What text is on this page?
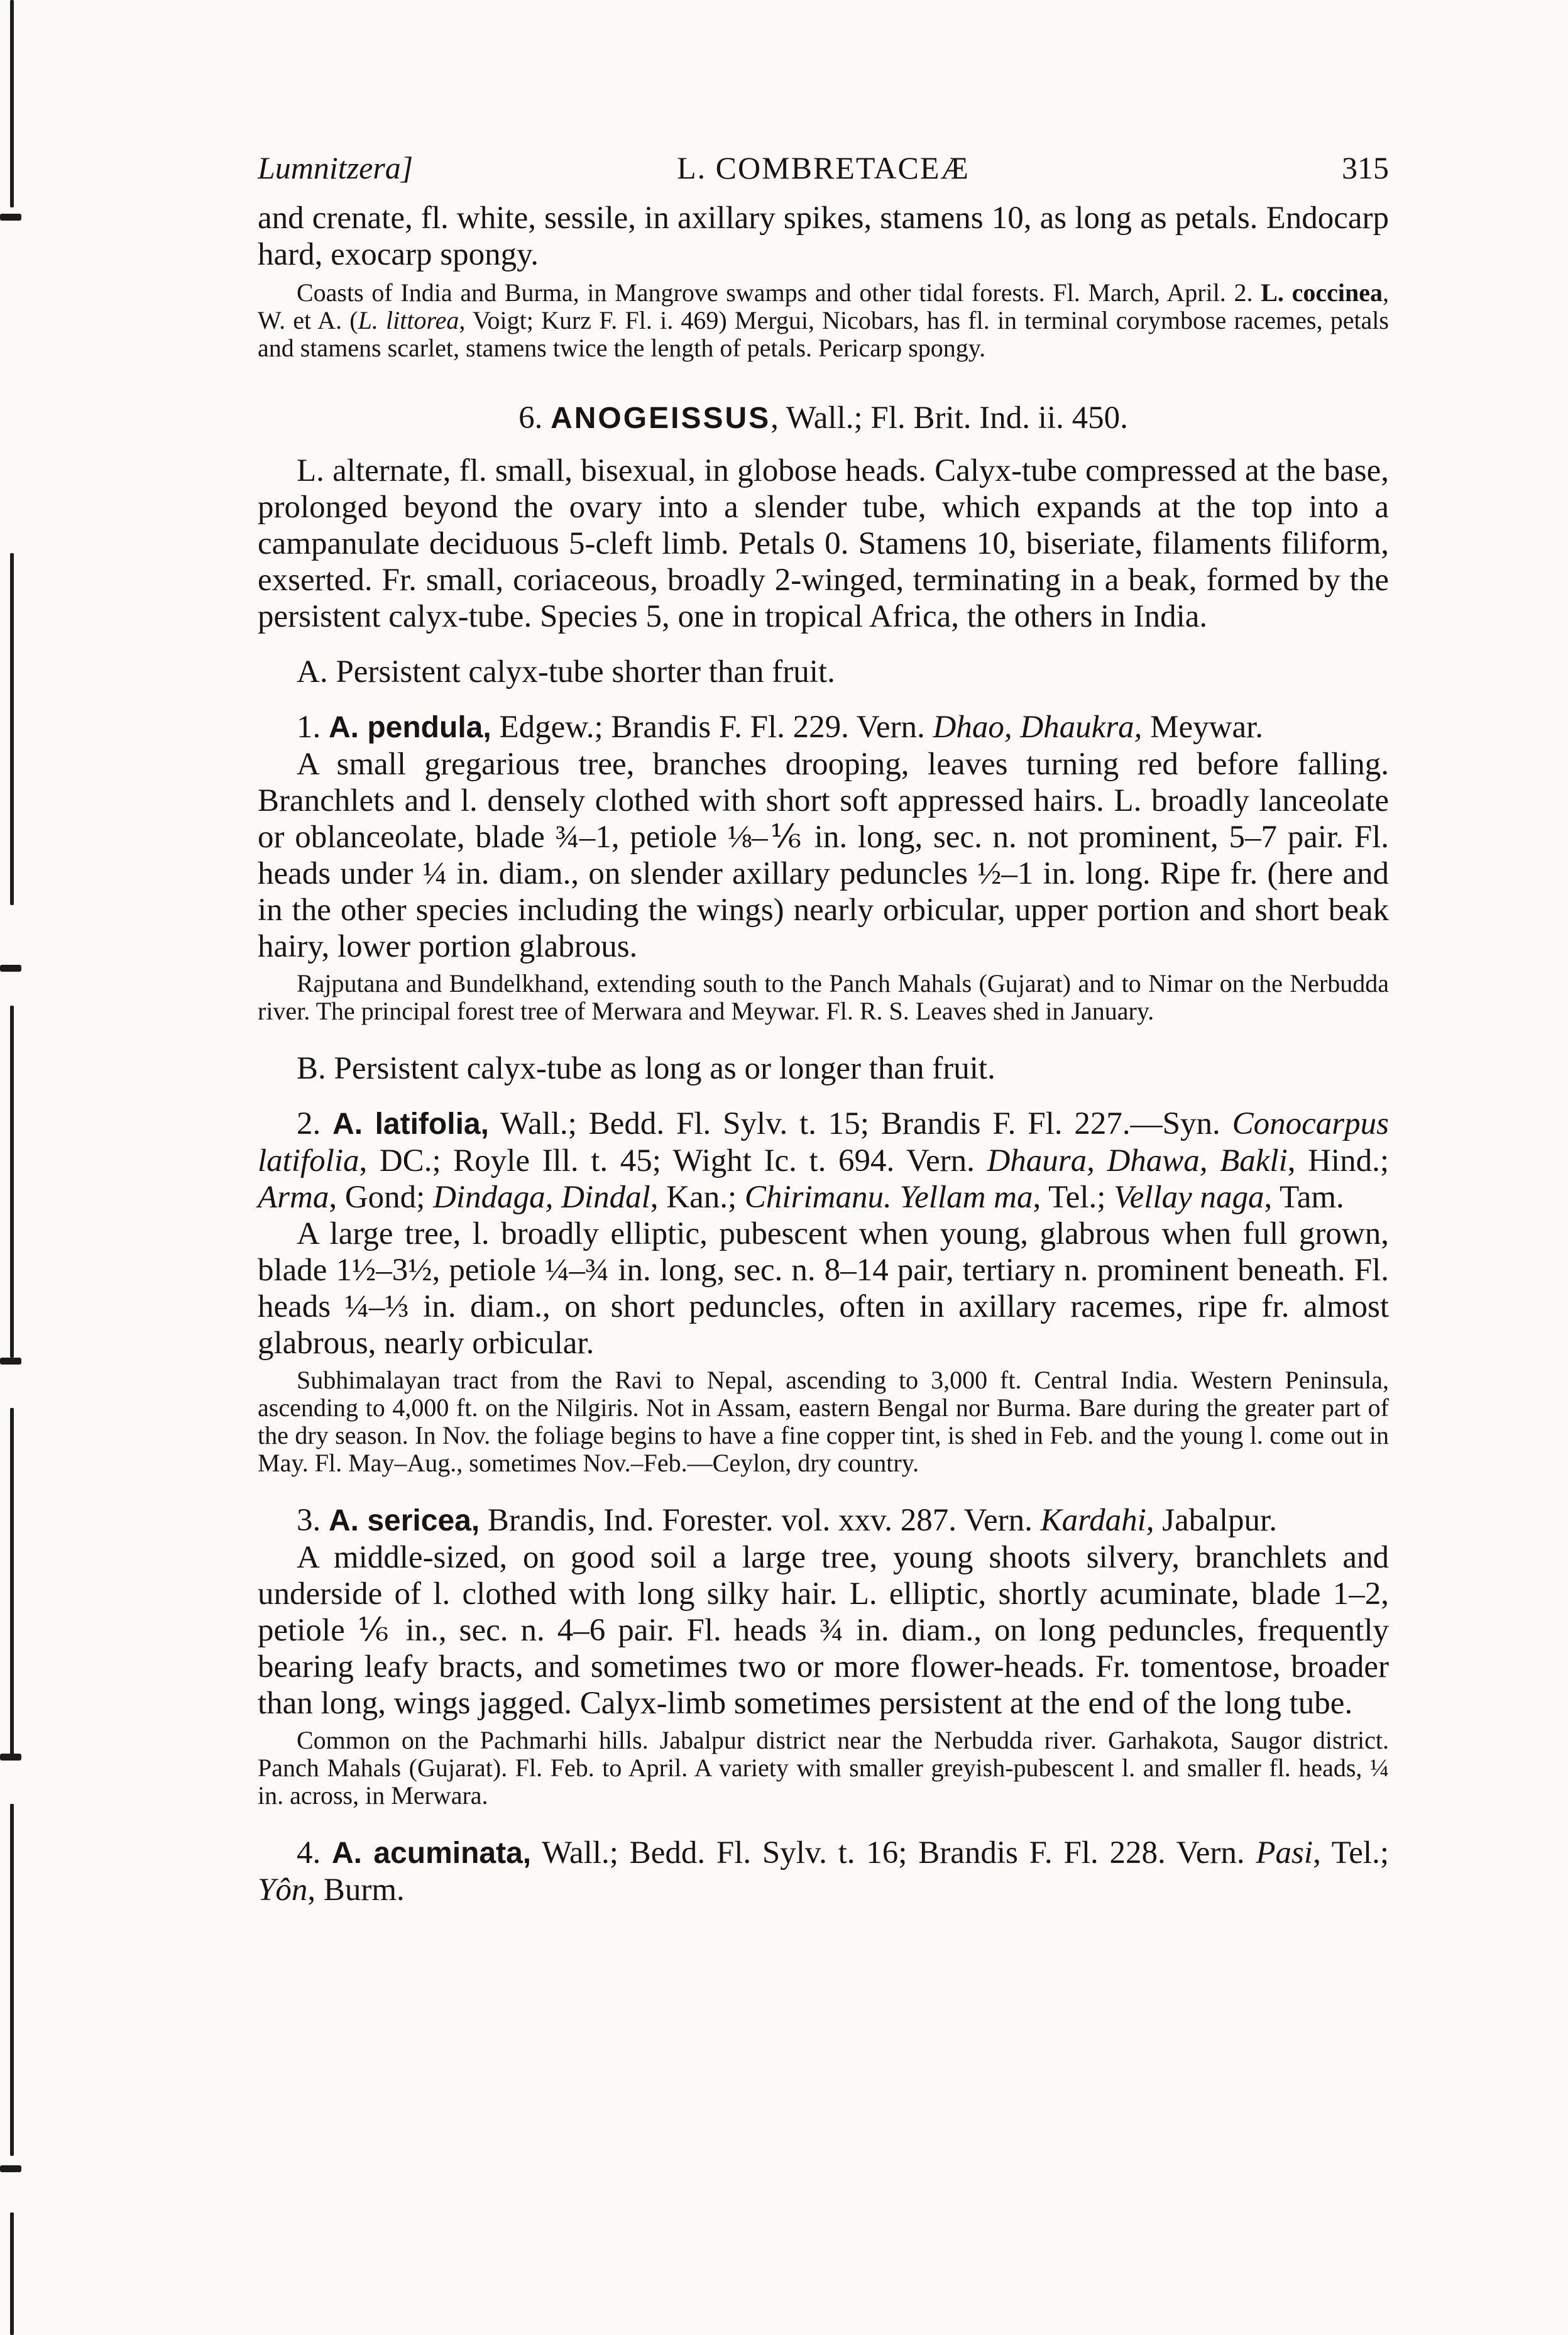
Lumnitzera]	L. COMBRETACEÆ	315

and crenate, fl. white, sessile, in axillary spikes, stamens 10, as long as petals. Endocarp hard, exocarp spongy.

Coasts of India and Burma, in Mangrove swamps and other tidal forests. Fl. March, April. 2. L. coccinea, W. et A. (L. littorea, Voigt; Kurz F. Fl. i. 469) Mergui, Nicobars, has fl. in terminal corymbose racemes, petals and stamens scarlet, stamens twice the length of petals. Pericarp spongy.

6. ANOGEISSUS, Wall.; Fl. Brit. Ind. ii. 450.

L. alternate, fl. small, bisexual, in globose heads. Calyx-tube compressed at the base, prolonged beyond the ovary into a slender tube, which expands at the top into a campanulate deciduous 5-cleft limb. Petals 0. Stamens 10, biseriate, filaments filiform, exserted. Fr. small, coriaceous, broadly 2-winged, terminating in a beak, formed by the persistent calyx-tube. Species 5, one in tropical Africa, the others in India.

A. Persistent calyx-tube shorter than fruit.

1. A. pendula, Edgew.; Brandis F. Fl. 229. Vern. Dhao, Dhaukra, Meywar.

A small gregarious tree, branches drooping, leaves turning red before falling. Branchlets and l. densely clothed with short soft appressed hairs. L. broadly lanceolate or oblanceolate, blade ¾–1, petiole ⅛–⅙ in. long, sec. n. not prominent, 5–7 pair. Fl. heads under ¼ in. diam., on slender axillary peduncles ½–1 in. long. Ripe fr. (here and in the other species including the wings) nearly orbicular, upper portion and short beak hairy, lower portion glabrous.

Rajputana and Bundelkhand, extending south to the Panch Mahals (Gujarat) and to Nimar on the Nerbudda river. The principal forest tree of Merwara and Meywar. Fl. R. S. Leaves shed in January.

B. Persistent calyx-tube as long as or longer than fruit.

2. A. latifolia, Wall.; Bedd. Fl. Sylv. t. 15; Brandis F. Fl. 227.—Syn. Conocarpus latifolia, DC.; Royle Ill. t. 45; Wight Ic. t. 694. Vern. Dhaura, Dhawa, Bakli, Hind.; Arma, Gond; Dindaga, Dindal, Kan.; Chirimanu. Yellam ma, Tel.; Vellay naga, Tam.

A large tree, l. broadly elliptic, pubescent when young, glabrous when full grown, blade 1½–3½, petiole ¼–¾ in. long, sec. n. 8–14 pair, tertiary n. prominent beneath. Fl. heads ¼–⅓ in. diam., on short peduncles, often in axillary racemes, ripe fr. almost glabrous, nearly orbicular.

Subhimalayan tract from the Ravi to Nepal, ascending to 3,000 ft. Central India. Western Peninsula, ascending to 4,000 ft. on the Nilgiris. Not in Assam, eastern Bengal nor Burma. Bare during the greater part of the dry season. In Nov. the foliage begins to have a fine copper tint, is shed in Feb. and the young l. come out in May. Fl. May–Aug., sometimes Nov.–Feb.—Ceylon, dry country.

3. A. sericea, Brandis, Ind. Forester. vol. xxv. 287. Vern. Kardahi, Jabalpur.

A middle-sized, on good soil a large tree, young shoots silvery, branchlets and underside of l. clothed with long silky hair. L. elliptic, shortly acuminate, blade 1–2, petiole ⅙ in., sec. n. 4–6 pair. Fl. heads ¾ in. diam., on long peduncles, frequently bearing leafy bracts, and sometimes two or more flower-heads. Fr. tomentose, broader than long, wings jagged. Calyx-limb sometimes persistent at the end of the long tube.

Common on the Pachmarhi hills. Jabalpur district near the Nerbudda river. Garhakota, Saugor district. Panch Mahals (Gujarat). Fl. Feb. to April. A variety with smaller greyish-pubescent l. and smaller fl. heads, ¼ in. across, in Merwara.

4. A. acuminata, Wall.; Bedd. Fl. Sylv. t. 16; Brandis F. Fl. 228. Vern. Pasi, Tel.; Yôn, Burm.
